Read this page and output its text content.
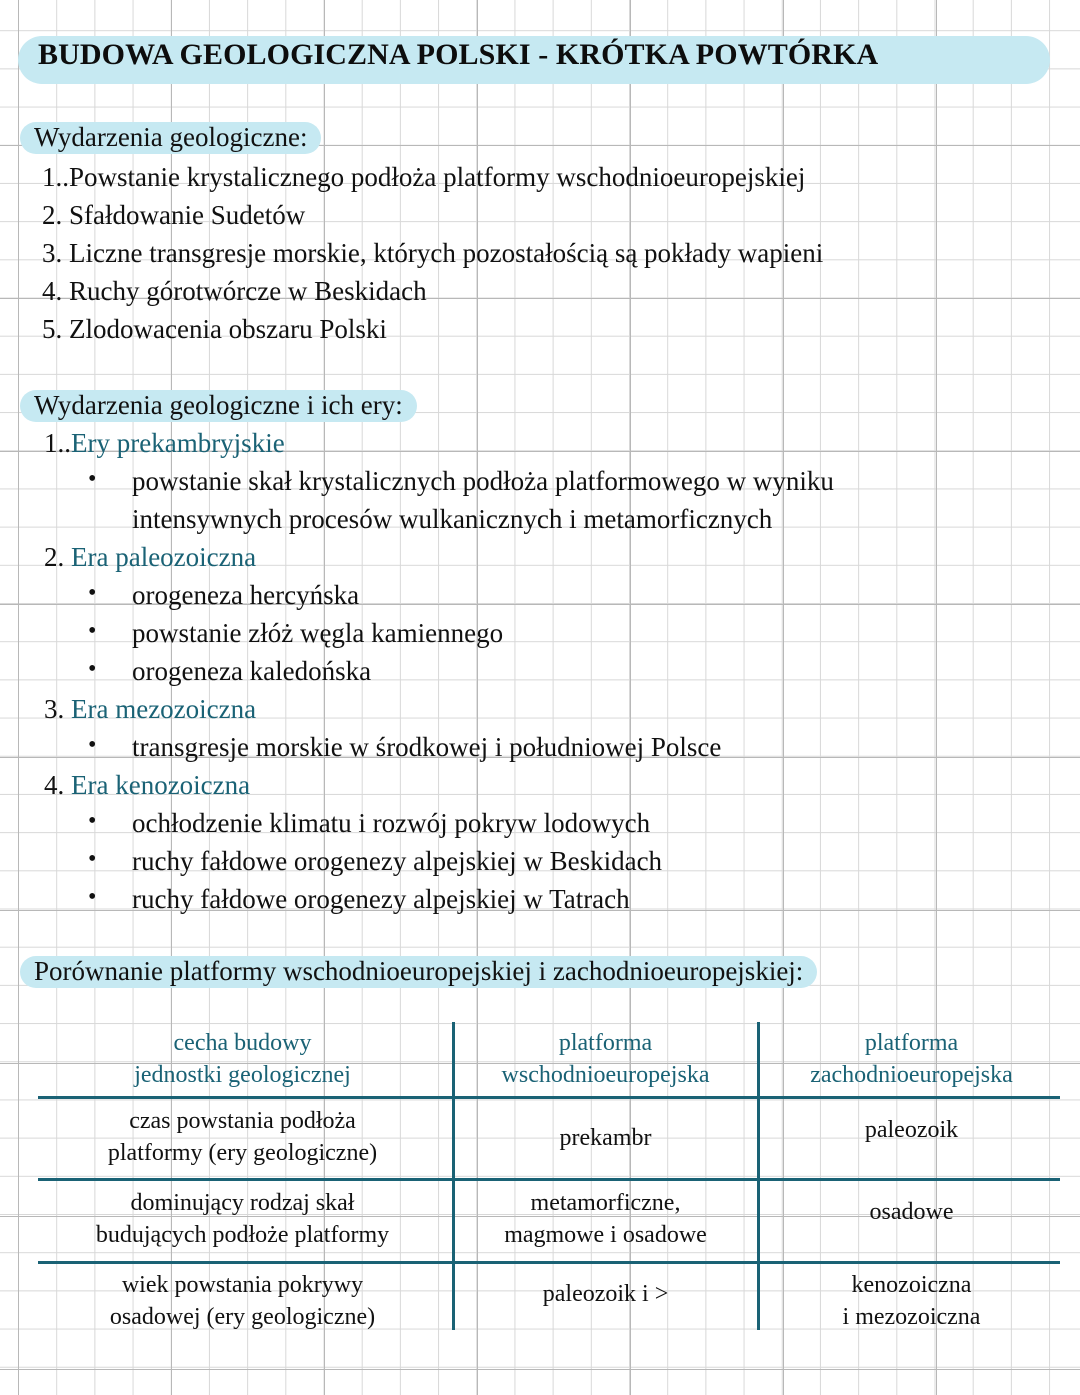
BUDOWA GEOLOGICZNA POLSKI - KRÓTKA POWTÓRKA
Wydarzenia geologiczne:
1..Powstanie krystalicznego podłoża platformy wschodnioeuropejskiej
2. Sfałdowanie Sudetów
3. Liczne transgresje morskie, których pozostałością są pokłady wapieni
4. Ruchy górotwórcze w Beskidach
5. Zlodowacenia obszaru Polski
Wydarzenia geologiczne i ich ery:
1..Ery prekambryjskie
• powstanie skał krystalicznych podłoża platformowego w wyniku
intensywnych procesów wulkanicznych i metamorficznych
2. Era paleozoiczna
• orogeneza hercyńska
• powstanie złóż węgla kamiennego
• orogeneza kaledońska
3. Era mezozoiczna
• transgresje morskie w środkowej i południowej Polsce
4. Era kenozoiczna
• ochłodzenie klimatu i rozwój pokryw lodowych
• ruchy fałdowe orogenezy alpejskiej w Beskidach
• ruchy fałdowe orogenezy alpejskiej w Tatrach
Porównanie platformy wschodnioeuropejskiej i zachodnioeuropejskiej:
cecha budowy
jednostki geologicznej
platforma
wschodnioeuropejska
platforma
zachodnioeuropejska
czas powstania podłoża
platformy (ery geologiczne)
prekambr	paleozoik
dominujący rodzaj skał
budujących podłoże platformy
metamorficzne,
magmowe i osadowe
osadowe
wiek powstania pokrywy
osadowej (ery geologiczne)
paleozoik i >	kenozoiczna
i mezozoiczna
